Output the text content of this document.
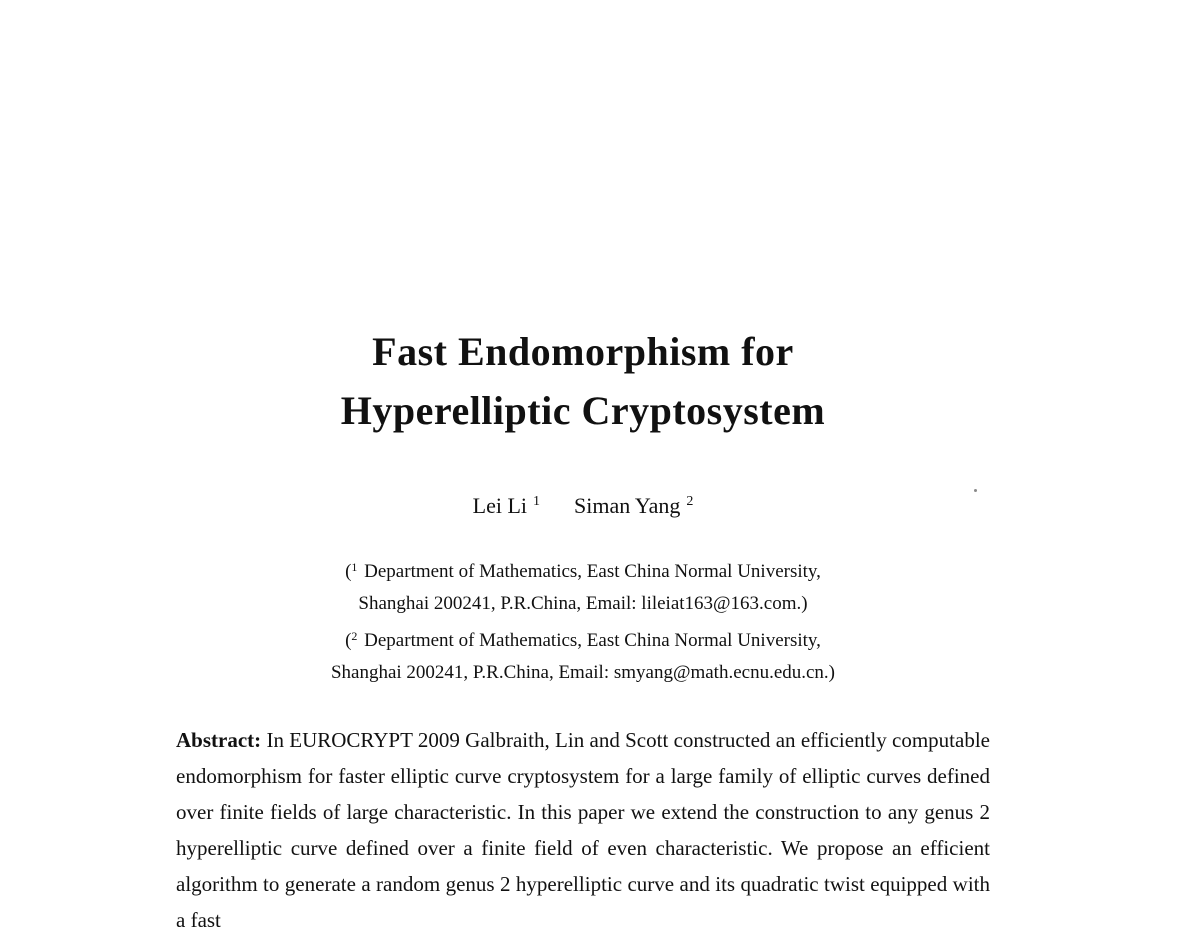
Fast Endomorphism for
Hyperelliptic Cryptosystem
Lei Li $^1$ Siman Yang $^2$
($^1$ Department of Mathematics, East China Normal University,
Shanghai 200241, P.R.China, Email: lileiat163@163.com.)
($^2$ Department of Mathematics, East China Normal University,
Shanghai 200241, P.R.China, Email: smyang@math.ecnu.edu.cn.)

Abstract: In EUROCRYPT 2009 Galbraith, Lin and Scott constructed an efficiently computable endomorphism for faster elliptic curve cryptosystem for a large family of elliptic curves defined over finite fields of large characteristic. In this paper we extend the construction to any genus 2 hyperelliptic curve defined over a finite field of even characteristic. We propose an efficient algorithm to generate a random genus 2 hyperelliptic curve and its quadratic twist equipped with a fast
